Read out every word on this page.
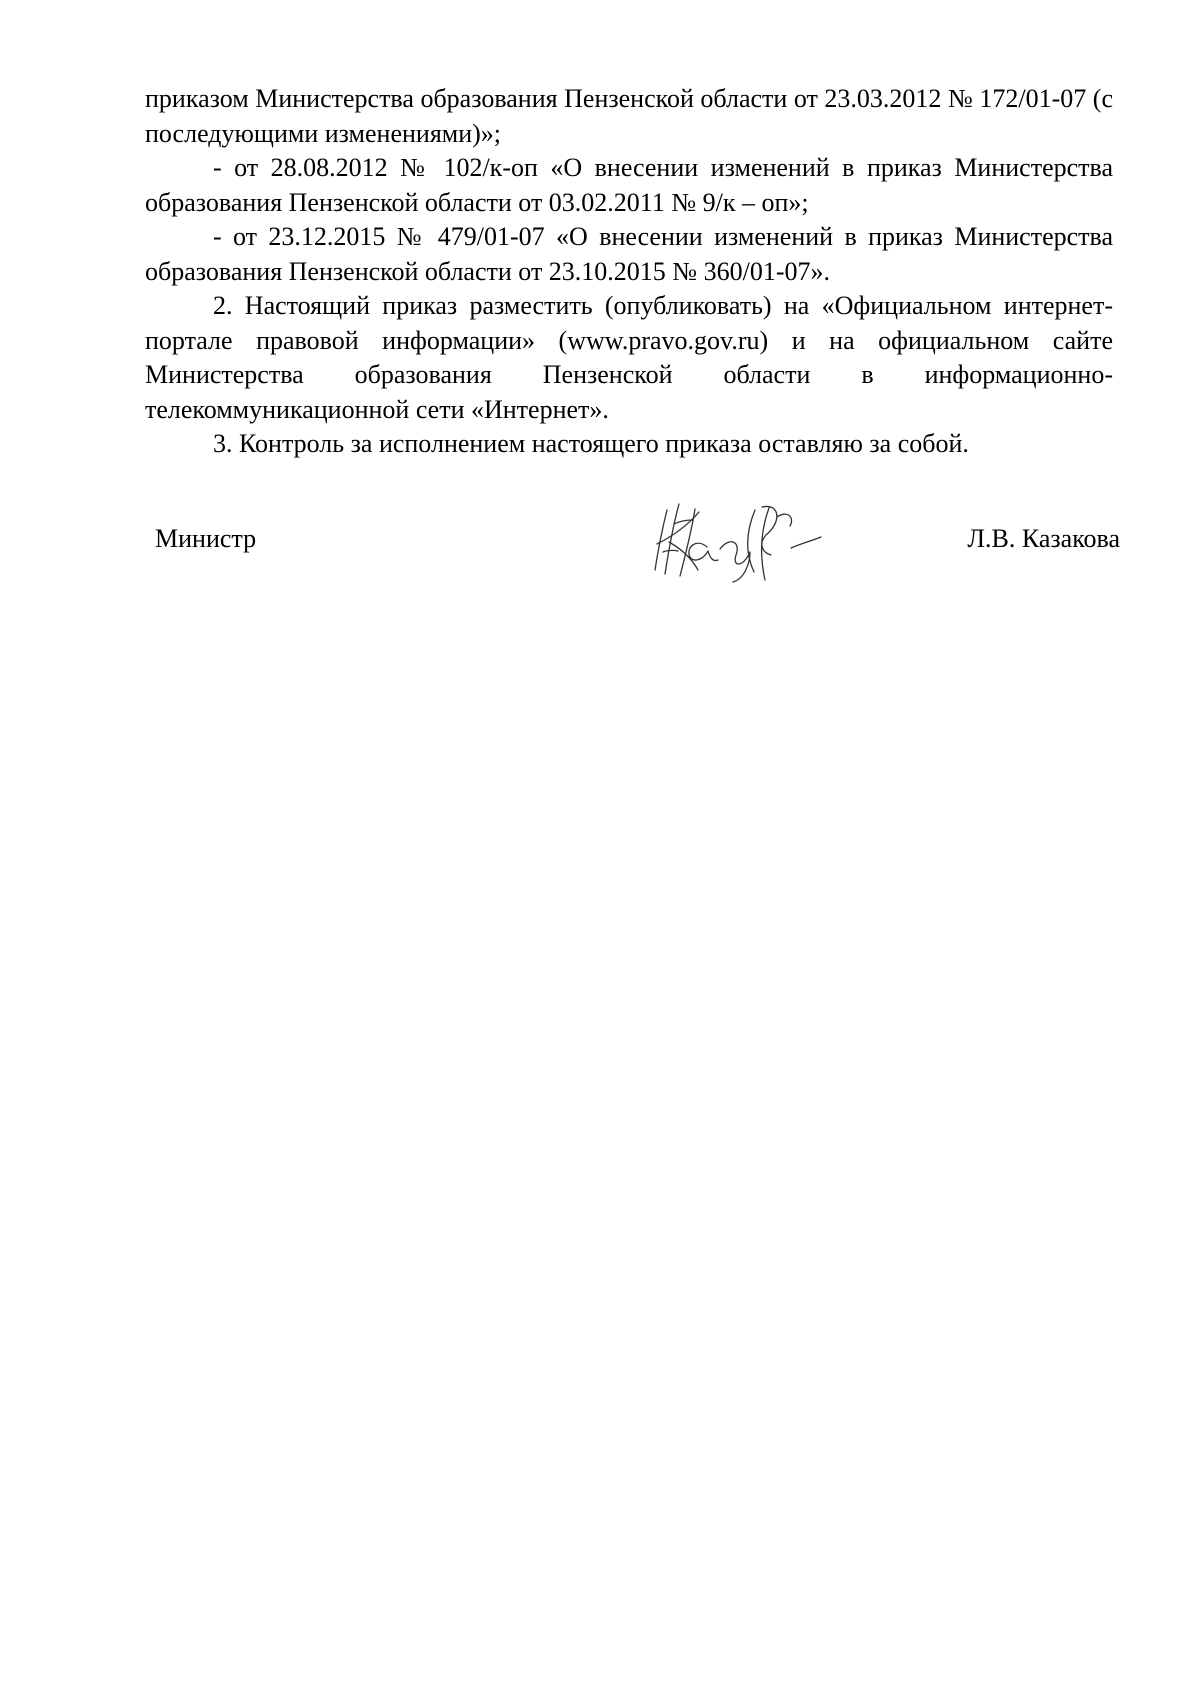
приказом Министерства образования Пензенской области от 23.03.2012 № 172/01-07 (с последующими изменениями)»;

- от 28.08.2012 № 102/к-оп «О внесении изменений в приказ Министерства образования Пензенской области от 03.02.2011 № 9/к – оп»;

- от 23.12.2015 № 479/01-07 «О внесении изменений в приказ Министерства образования Пензенской области от 23.10.2015 № 360/01-07».

2. Настоящий приказ разместить (опубликовать) на «Официальном интернет-портале правовой информации» (www.pravo.gov.ru) и на официальном сайте Министерства образования Пензенской области в информационно-телекоммуникационной сети «Интернет».

3. Контроль за исполнением настоящего приказа оставляю за собой.

Министр	Л.В. Казакова
